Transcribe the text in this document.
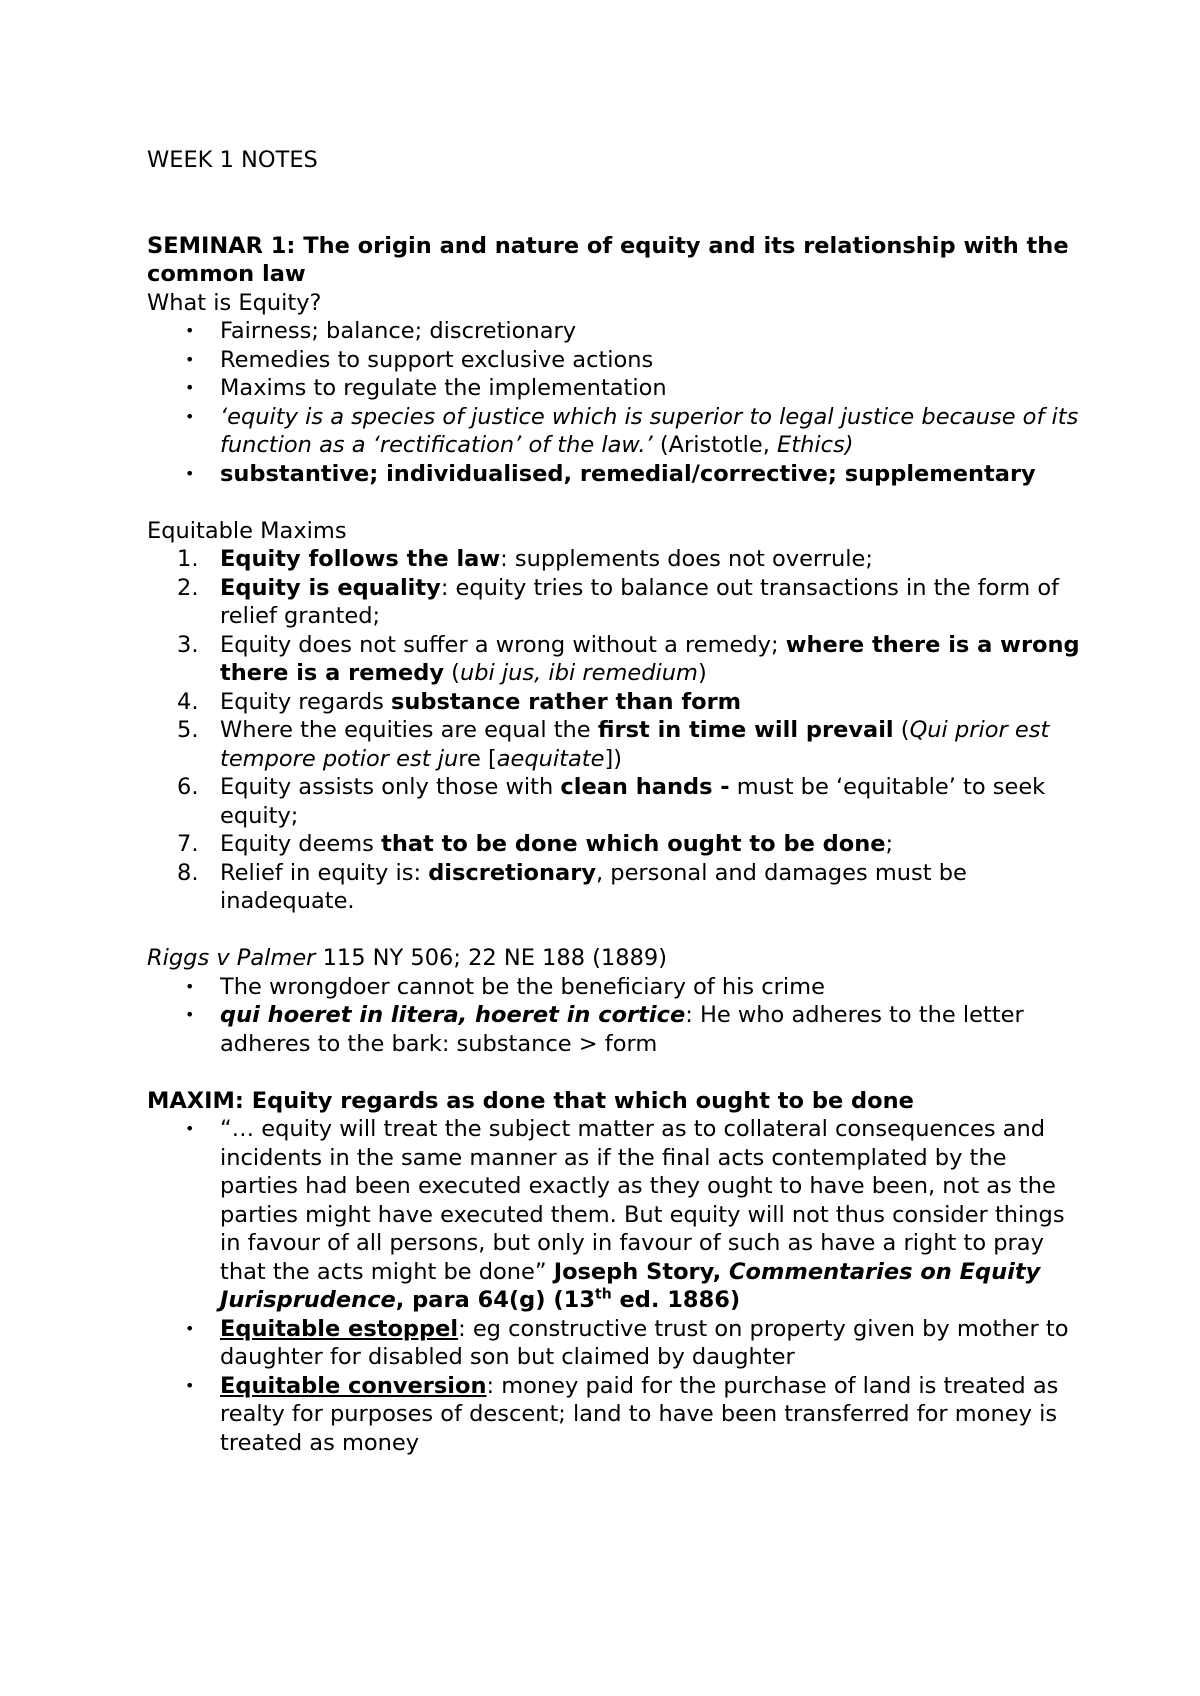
WEEK 1 NOTES

SEMINAR 1: The origin and nature of equity and its relationship with the common law

What is Equity?

• Fairness; balance; discretionary
• Remedies to support exclusive actions
• Maxims to regulate the implementation
• ‘equity is a species of justice which is superior to legal justice because of its function as a ‘rectification’ of the law.’ (Aristotle, Ethics)
• substantive; individualised, remedial/corrective; supplementary

Equitable Maxims

1. Equity follows the law: supplements does not overrule;
2. Equity is equality: equity tries to balance out transactions in the form of relief granted;
3. Equity does not suffer a wrong without a remedy; where there is a wrong there is a remedy (ubi jus, ibi remedium)
4. Equity regards substance rather than form
5. Where the equities are equal the first in time will prevail (Qui prior est tempore potior est jure [aequitate])
6. Equity assists only those with clean hands - must be ‘equitable’ to seek equity;
7. Equity deems that to be done which ought to be done;
8. Relief in equity is: discretionary, personal and damages must be inadequate.

Riggs v Palmer 115 NY 506; 22 NE 188 (1889)

• The wrongdoer cannot be the beneficiary of his crime
• qui hoeret in litera, hoeret in cortice: He who adheres to the letter adheres to the bark: substance > form

MAXIM: Equity regards as done that which ought to be done

• “… equity will treat the subject matter as to collateral consequences and incidents in the same manner as if the final acts contemplated by the parties had been executed exactly as they ought to have been, not as the parties might have executed them. But equity will not thus consider things in favour of all persons, but only in favour of such as have a right to pray that the acts might be done” Joseph Story, Commentaries on Equity Jurisprudence, para 64(g) (13th ed. 1886)
• Equitable estoppel: eg constructive trust on property given by mother to daughter for disabled son but claimed by daughter
• Equitable conversion: money paid for the purchase of land is treated as realty for purposes of descent; land to have been transferred for money is treated as money
